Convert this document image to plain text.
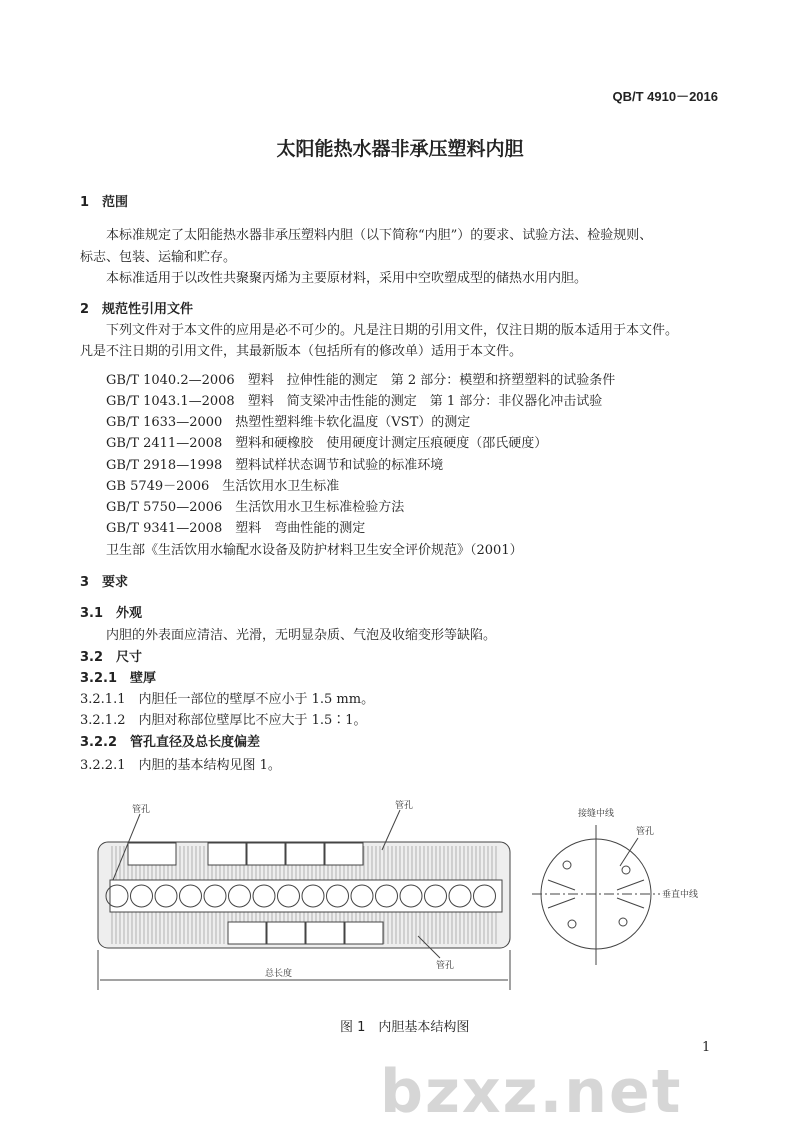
QB/T 4910－2016
太阳能热水器非承压塑料内胆
1　范围
本标准规定了太阳能热水器非承压塑料内胆（以下简称“内胆”）的要求、试验方法、检验规则、
标志、包装、运输和贮存。
本标准适用于以改性共聚聚丙烯为主要原材料，采用中空吹塑成型的储热水用内胆。
2　规范性引用文件
下列文件对于本文件的应用是必不可少的。凡是注日期的引用文件，仅注日期的版本适用于本文件。
凡是不注日期的引用文件，其最新版本（包括所有的修改单）适用于本文件。
GB/T 1040.2—2006　塑料　拉伸性能的测定　第 2 部分：模塑和挤塑塑料的试验条件
GB/T 1043.1—2008　塑料　简支梁冲击性能的测定　第 1 部分：非仪器化冲击试验
GB/T 1633—2000　热塑性塑料维卡软化温度（VST）的测定
GB/T 2411—2008　塑料和硬橡胶　使用硬度计测定压痕硬度（邵氏硬度）
GB/T 2918—1998　塑料试样状态调节和试验的标准环境
GB 5749－2006　生活饮用水卫生标准
GB/T 5750—2006　生活饮用水卫生标准检验方法
GB/T 9341—2008　塑料　弯曲性能的测定
卫生部《生活饮用水输配水设备及防护材料卫生安全评价规范》（2001）
3　要求
3.1　外观
内胆的外表面应清洁、光滑，无明显杂质、气泡及收缩变形等缺陷。
3.2　尺寸
3.2.1　壁厚
3.2.1.1　内胆任一部位的壁厚不应小于 1.5 mm。
3.2.1.2　内胆对称部位壁厚比不应大于 1.5∶1。
3.2.2　管孔直径及总长度偏差
3.2.2.1　内胆的基本结构见图 1。
管孔	管孔
管孔
总长度
接缝中线
管孔
垂直中线
图 1　内胆基本结构图
1
bzxz.net
